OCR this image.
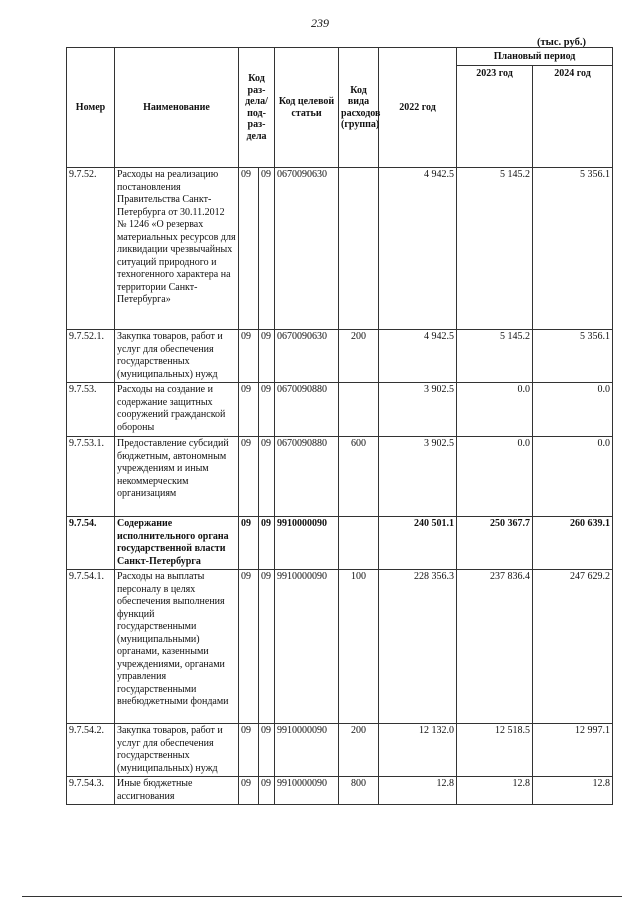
239
(тыс. руб.)
Номер	Наименование	Код раз-дела/ под-раз-дела		Код целевой статьи	Код вида расходов (группа)	2022 год	Плановый период	
							2023 год	2024 год
9.7.52.	Расходы на реализацию постановления Правительства Санкт-Петербурга от 30.11.2012 № 1246 «О резервах материальных ресурсов для ликвидации чрезвычайных ситуаций природного и техногенного характера на территории Санкт-Петербурга»	09	09	0670090630		4 942.5	5 145.2	5 356.1
9.7.52.1.	Закупка товаров, работ и услуг для обеспечения государственных (муниципальных) нужд	09	09	0670090630	200	4 942.5	5 145.2	5 356.1
9.7.53.	Расходы на создание и содержание защитных сооружений гражданской обороны	09	09	0670090880		3 902.5	0.0	0.0
9.7.53.1.	Предоставление субсидий бюджетным, автономным учреждениям и иным некоммерческим организациям	09	09	0670090880	600	3 902.5	0.0	0.0
9.7.54.	Содержание исполнительного органа государственной власти Санкт-Петербурга	09	09	9910000090		240 501.1	250 367.7	260 639.1
9.7.54.1.	Расходы на выплаты персоналу в целях обеспечения выполнения функций государственными (муниципальными) органами, казенными учреждениями, органами управления государственными внебюджетными фондами	09	09	9910000090	100	228 356.3	237 836.4	247 629.2
9.7.54.2.	Закупка товаров, работ и услуг для обеспечения государственных (муниципальных) нужд	09	09	9910000090	200	12 132.0	12 518.5	12 997.1
9.7.54.3.	Иные бюджетные ассигнования	09	09	9910000090	800	12.8	12.8	12.8
